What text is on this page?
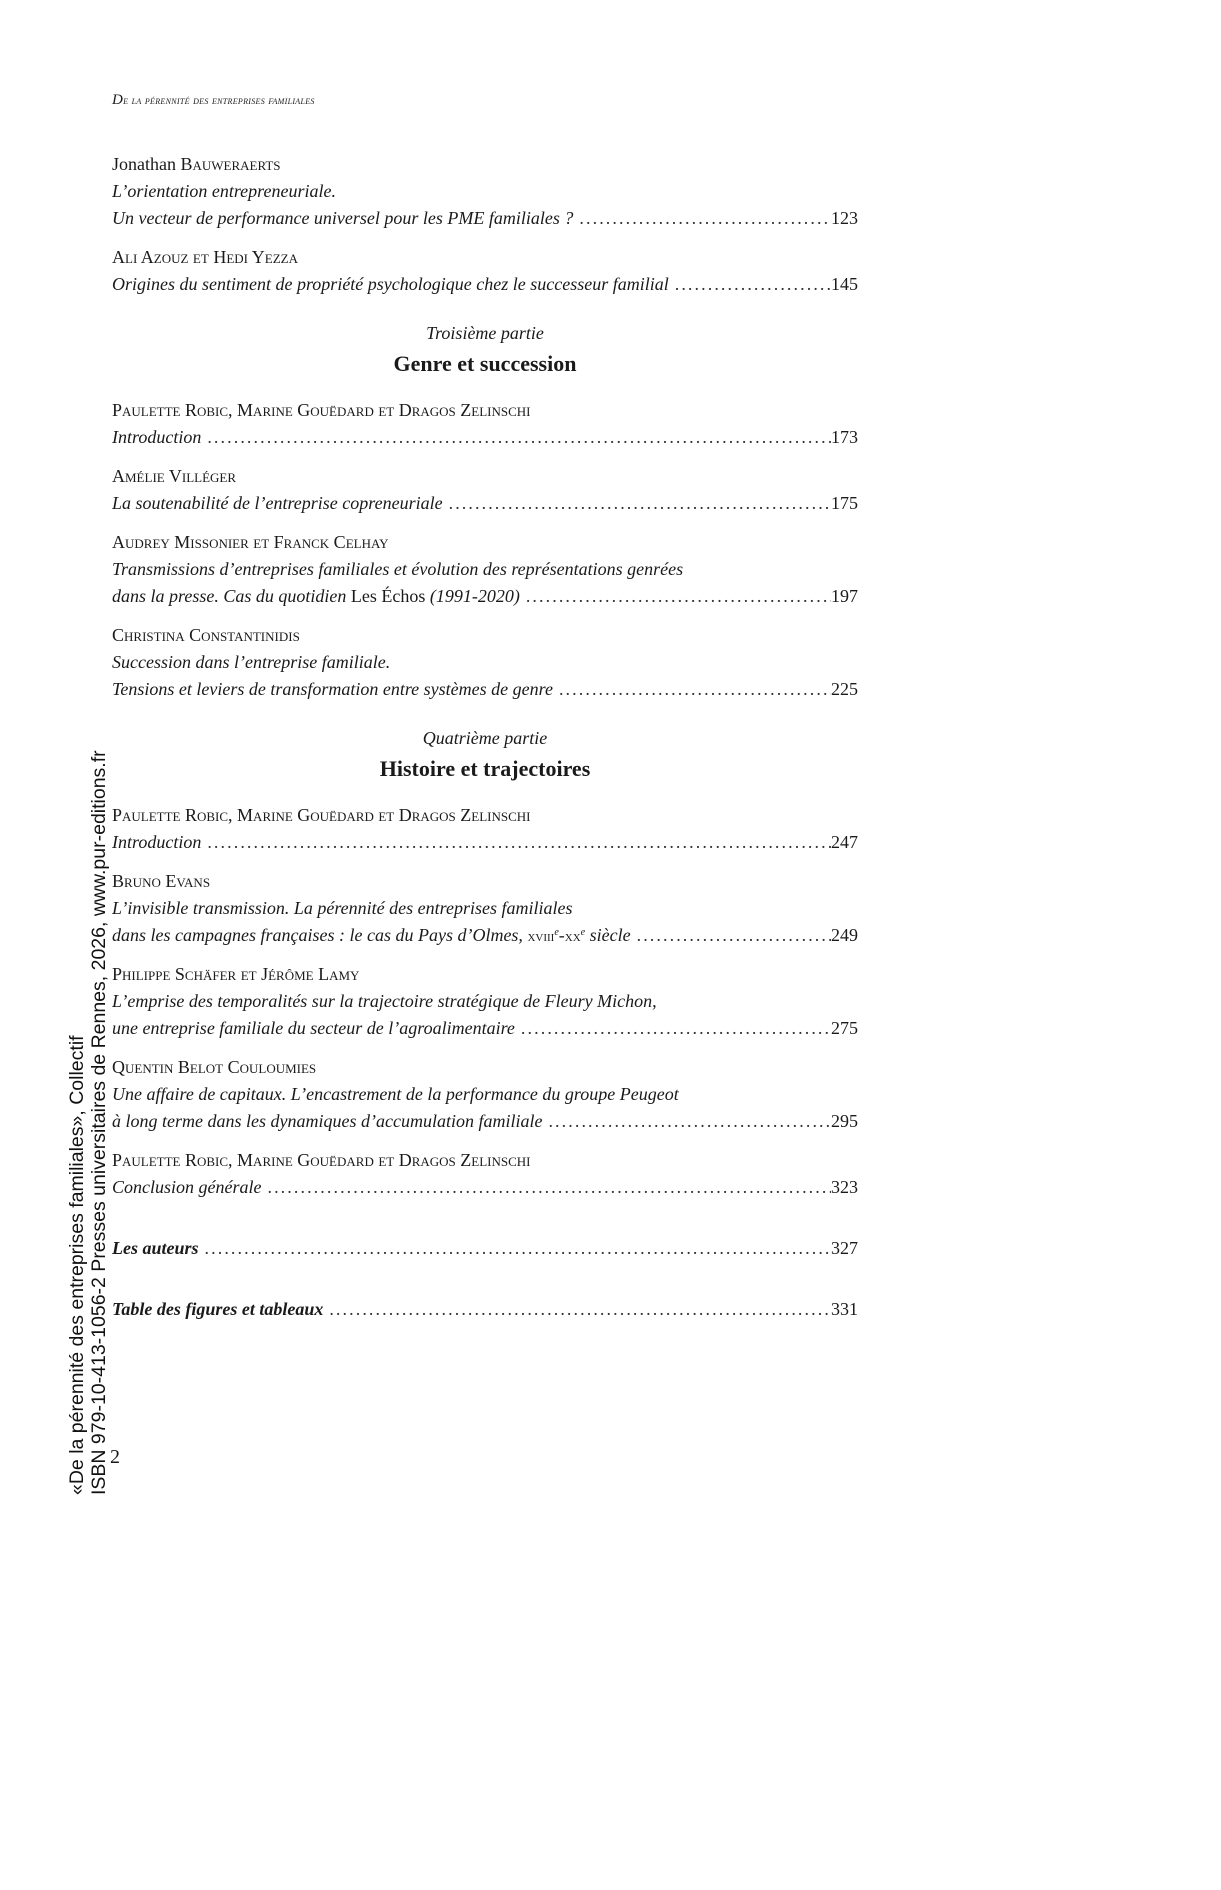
De la pérennité des entreprises familiales
Jonathan Bauweraerts
L’orientation entrepreneuriale.
Un vecteur de performance universel pour les PME familiales ? . . .	123
Ali Azouz et Hedi Yezza
Origines du sentiment de propriété psychologique chez le successeur familial . . .	145
Troisième partie
Genre et succession
Paulette Robic, Marine Gouëdard et Dragos Zelinschi
Introduction . . .	173
Amélie Villéger
La soutenabilité de l’entreprise copreneuriale . . .	175
Audrey Missonier et Franck Celhay
Transmissions d’entreprises familiales et évolution des représentations genrées
dans la presse. Cas du quotidien Les Échos (1991-2020) . . .	197
Christina Constantinidis
Succession dans l’entreprise familiale.
Tensions et leviers de transformation entre systèmes de genre . . .	225
Quatrième partie
Histoire et trajectoires
Paulette Robic, Marine Gouëdard et Dragos Zelinschi
Introduction . . .	247
Bruno Evans
L’invisible transmission. La pérennité des entreprises familiales
dans les campagnes françaises : le cas du Pays d’Olmes, $xviii^e-xx^e$ siècle . . .	249
Philippe Schäfer et Jérôme Lamy
L’emprise des temporalités sur la trajectoire stratégique de Fleury Michon,
une entreprise familiale du secteur de l’agroalimentaire . . .	275
Quentin Belot Couloumies
Une affaire de capitaux. L’encastrement de la performance du groupe Peugeot
à long terme dans les dynamiques d’accumulation familiale . . .	295
Paulette Robic, Marine Gouëdard et Dragos Zelinschi
Conclusion générale . . .	323
Les auteurs . . .	327
Table des figures et tableaux . . .	331
2
«De la pérennité des entreprises familiales», Collectif ISBN 979-10-413-1056-2 Presses universitaires de Rennes, 2026, www.pur-editions.fr
